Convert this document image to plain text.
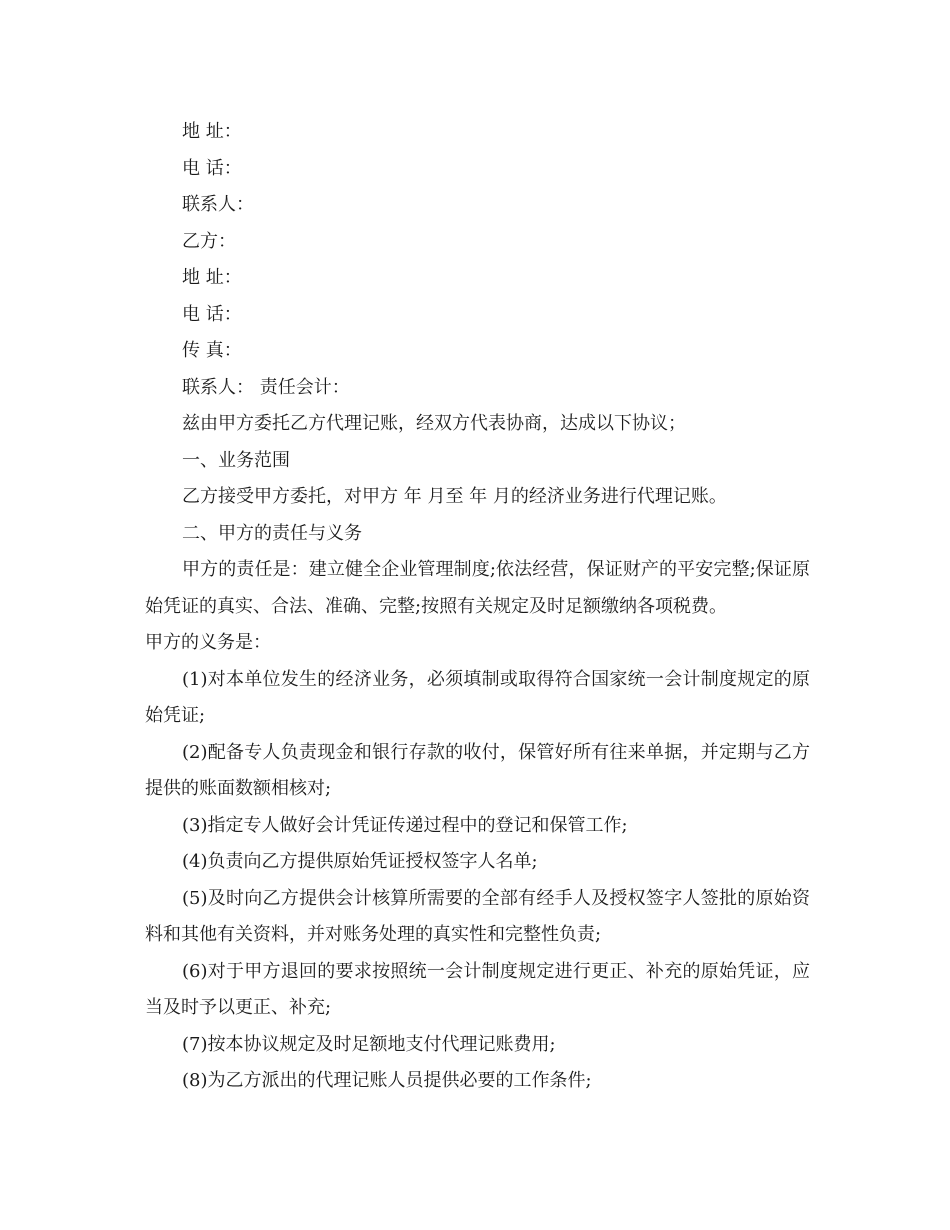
地 址：

电 话：

联系人：

乙方：

地 址：

电 话：

传 真：

联系人： 责任会计：

兹由甲方委托乙方代理记账，经双方代表协商，达成以下协议；

一、业务范围

乙方接受甲方委托，对甲方 年 月至 年 月的经济业务进行代理记账。

二、甲方的责任与义务

甲方的责任是：建立健全企业管理制度;依法经营，保证财产的平安完整;保证原始凭证的真实、合法、准确、完整;按照有关规定及时足额缴纳各项税费。

甲方的义务是：

(1)对本单位发生的经济业务，必须填制或取得符合国家统一会计制度规定的原始凭证;

(2)配备专人负责现金和银行存款的收付，保管好所有往来单据，并定期与乙方提供的账面数额相核对;

(3)指定专人做好会计凭证传递过程中的登记和保管工作;

(4)负责向乙方提供原始凭证授权签字人名单;

(5)及时向乙方提供会计核算所需要的全部有经手人及授权签字人签批的原始资料和其他有关资料，并对账务处理的真实性和完整性负责;

(6)对于甲方退回的要求按照统一会计制度规定进行更正、补充的原始凭证，应当及时予以更正、补充;

(7)按本协议规定及时足额地支付代理记账费用;

(8)为乙方派出的代理记账人员提供必要的工作条件;
